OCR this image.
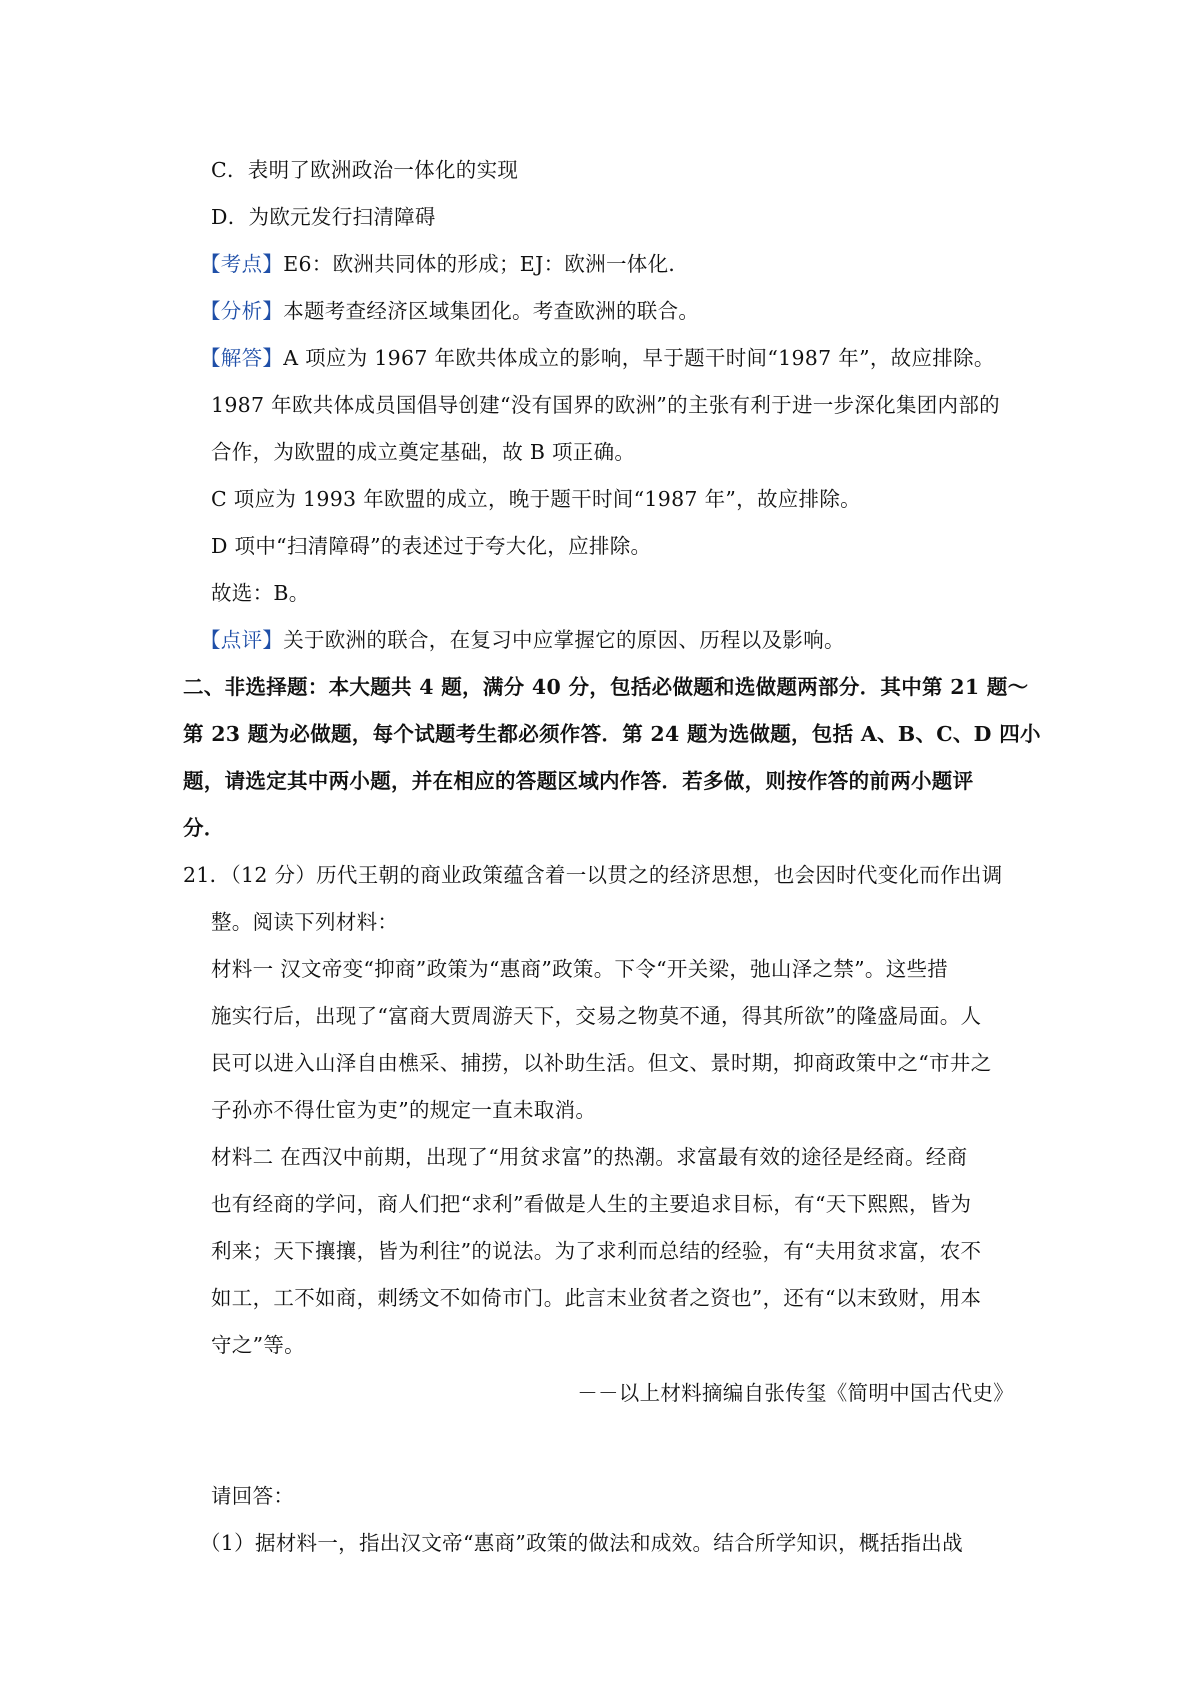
C．表明了欧洲政治一体化的实现
D．为欧元发行扫清障碍
【考点】E6：欧洲共同体的形成；EJ：欧洲一体化．
【分析】本题考查经济区域集团化。考查欧洲的联合。
【解答】A 项应为 1967 年欧共体成立的影响，早于题干时间“1987 年”，故应排除。
1987 年欧共体成员国倡导创建“没有国界的欧洲”的主张有利于进一步深化集团内部的
合作，为欧盟的成立奠定基础，故 B 项正确。
C 项应为 1993 年欧盟的成立，晚于题干时间“1987 年”，故应排除。
D 项中“扫清障碍”的表述过于夸大化，应排除。
故选：B。
【点评】关于欧洲的联合，在复习中应掌握它的原因、历程以及影响。
二、非选择题：本大题共 4 题，满分 40 分，包括必做题和选做题两部分．其中第 21 题～
第 23 题为必做题，每个试题考生都必须作答．第 24 题为选做题，包括 A、B、C、D 四小
题，请选定其中两小题，并在相应的答题区域内作答．若多做，则按作答的前两小题评
分．
21．（12 分）历代王朝的商业政策蕴含着一以贯之的经济思想，也会因时代变化而作出调
整。阅读下列材料：
材料一 汉文帝变“抑商”政策为“惠商”政策。下令“开关梁，弛山泽之禁”。这些措
施实行后，出现了“富商大贾周游天下，交易之物莫不通，得其所欲”的隆盛局面。人
民可以进入山泽自由樵采、捕捞，以补助生活。但文、景时期，抑商政策中之“市井之
子孙亦不得仕宦为吏”的规定一直未取消。
材料二 在西汉中前期，出现了“用贫求富”的热潮。求富最有效的途径是经商。经商
也有经商的学问，商人们把“求利”看做是人生的主要追求目标，有“天下熙熙，皆为
利来；天下攘攘，皆为利往”的说法。为了求利而总结的经验，有“夫用贫求富，农不
如工，工不如商，刺绣文不如倚市门。此言末业贫者之资也”，还有“以末致财，用本
守之”等。
－－以上材料摘编自张传玺《简明中国古代史》
请回答：
（1）据材料一，指出汉文帝“惠商”政策的做法和成效。结合所学知识，概括指出战
